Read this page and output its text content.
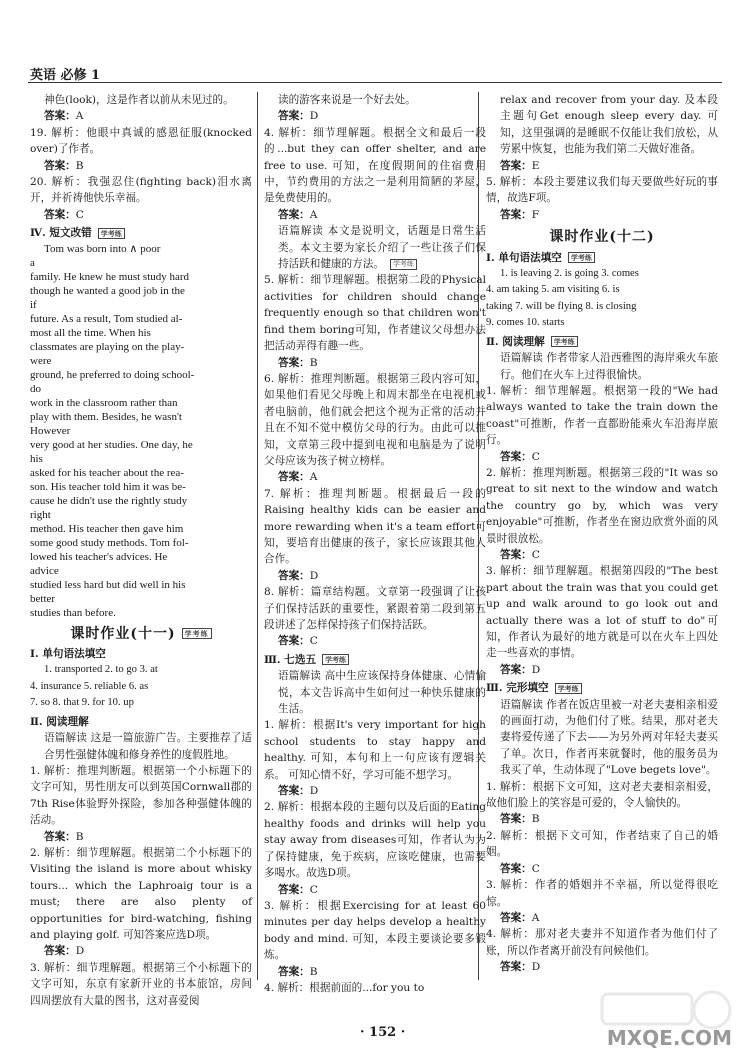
英语 必修 1

神色(look)，这是作者以前从未见过的。

答案：A

19. 解析：他眼中真诚的感恩征服(knocked over)了作者。

答案：B

20. 解析：我强忍住(fighting back)泪水离开，并祈祷他快乐幸福。

答案：C

Ⅳ. 短文改错 学考练

Tom was born into ∧ poor

a

family. He knew he must study hard

though he wanted a good job in the

if

future. As a result, Tom studied al-

most all the time. When his

classmates are playing on the play-

were

ground, he preferred to doing school-

do

work in the classroom rather than

play with them. Besides, he wasn't

However

very good at her studies. One day, he

his

asked for his teacher about the rea-

son. His teacher told him it was be-

cause he didn't use the rightly study

right

method. His teacher then gave him

some good study methods. Tom fol-

lowed his teacher's advices. He

advice

studied less hard but did well in his

better

studies than before.

课时作业(十一) 学考练

Ⅰ. 单句语法填空

1. transported 2. to go 3. at

4. insurance 5. reliable 6. as

7. so 8. that 9. for 10. up

Ⅱ. 阅读理解

语篇解读 这是一篇旅游广告。主要推荐了适合男性强健体魄和修身养性的度假胜地。

1. 解析：推理判断题。根据第一个小标题下的文字可知，男性朋友可以到英国Cornwall郡的7th Rise体验野外探险，参加各种强健体魄的活动。

答案：B

2. 解析：细节理解题。根据第二个小标题下的Visiting the island is more about whisky tours... which the Laphroaig tour is a must; there are also plenty of opportunities for bird-watching, fishing and playing golf. 可知答案应选D项。

答案：D

3. 解析：细节理解题。根据第三个小标题下的文字可知，东京有家新开业的书本旅馆，房间四周摆放有大量的图书，这对喜爱阅

读的游客来说是一个好去处。

答案：D

4. 解析：细节理解题。根据全文和最后一段的...but they can offer shelter, and are free to use. 可知，在度假期间的住宿费用中，节约费用的方法之一是利用简陋的茅屋，是免费使用的。

答案：A

语篇解读 本文是说明文，话题是日常生活类。本文主要为家长介绍了一些让孩子们保持活跃和健康的方法。 学考练

5. 解析：细节理解题。根据第二段的Physical activities for children should change frequently enough so that children won't find them boring可知，作者建议父母想办法把活动弄得有趣一些。

答案：B

6. 解析：推理判断题。根据第三段内容可知，如果他们看见父母晚上和周末都坐在电视机或者电脑前，他们就会把这个视为正常的活动并且在不知不觉中模仿父母的行为。由此可以推知，文章第三段中提到电视和电脑是为了说明父母应该为孩子树立榜样。

答案：A

7. 解析：推理判断题。根据最后一段的Raising healthy kids can be easier and more rewarding when it's a team effort可知，要培育出健康的孩子，家长应该跟其他人合作。

答案：D

8. 解析：篇章结构题。文章第一段强调了让孩子们保持活跃的重要性，紧跟着第二段到第五段讲述了怎样保持孩子们保持活跃。

答案：C

Ⅲ. 七选五 学考练

语篇解读 高中生应该保持身体健康、心情愉悦，本文告诉高中生如何过一种快乐健康的生活。

1. 解析：根据It's very important for high school students to stay happy and healthy. 可知，本句和上一句应该有逻辑关系。 可知心情不好，学习可能不想学习。

答案：D

2. 解析：根据本段的主题句以及后面的Eating healthy foods and drinks will help you stay away from diseases可知，作者认为为了保持健康，免于疾病，应该吃健康，也需要多喝水。故选D项。

答案：C

3. 解析：根据Exercising for at least 60 minutes per day helps develop a healthy body and mind. 可知，本段主要谈论要多锻炼。

答案：B

4. 解析：根据前面的...for you to

relax and recover from your day. 及本段主题句Get enough sleep every day. 可知，这里强调的是睡眠不仅能让我们放松，从劳累中恢复，也能为我们第二天做好准备。

答案：E

5. 解析：本段主要建议我们每天要做些好玩的事情，故选F项。

答案：F

课时作业(十二)

Ⅰ. 单句语法填空 学考练

1. is leaving 2. is going 3. comes

4. am taking 5. am visiting 6. is

taking 7. will be flying 8. is closing

9. comes 10. starts

Ⅱ. 阅读理解 学考练

语篇解读 作者带家人沿西雅图的海岸乘火车旅行。他们在火车上过得很愉快。

1. 解析：细节理解题。根据第一段的"We had always wanted to take the train down the coast"可推断，作者一直都盼能乘火车沿海岸旅行。

答案：C

2. 解析：推理判断题。根据第三段的"It was so great to sit next to the window and watch the country go by, which was very enjoyable"可推断，作者坐在窗边欣赏外面的风景时很放松。

答案：C

3. 解析：细节理解题。根据第四段的"The best part about the train was that you could get up and walk around to go look out and actually there was a lot of stuff to do"可知，作者认为最好的地方就是可以在火车上四处走一些喜欢的事情。

答案：D

Ⅲ. 完形填空 学考练

语篇解读 作者在饭店里被一对老夫妻相亲相爱的画面打动，为他们付了账。结果，那对老夫妻将爱传递了下去——为另外两对年轻夫妻买了单。次日，作者再来就餐时，他的服务员为我买了单，生动体现了"Love begets love"。

1. 解析：根据下文可知，这对老夫妻相亲相爱，故他们脸上的笑容是可爱的，令人愉快的。

答案：B

2. 解析：根据下文可知，作者结束了自己的婚姻。

答案：C

3. 解析：作者的婚姻并不幸福，所以觉得很吃惊。

答案：A

4. 解析：那对老夫妻并不知道作者为他们付了账，所以作者离开前没有问候他们。

答案：D

· 152 ·	MXQE.COM
